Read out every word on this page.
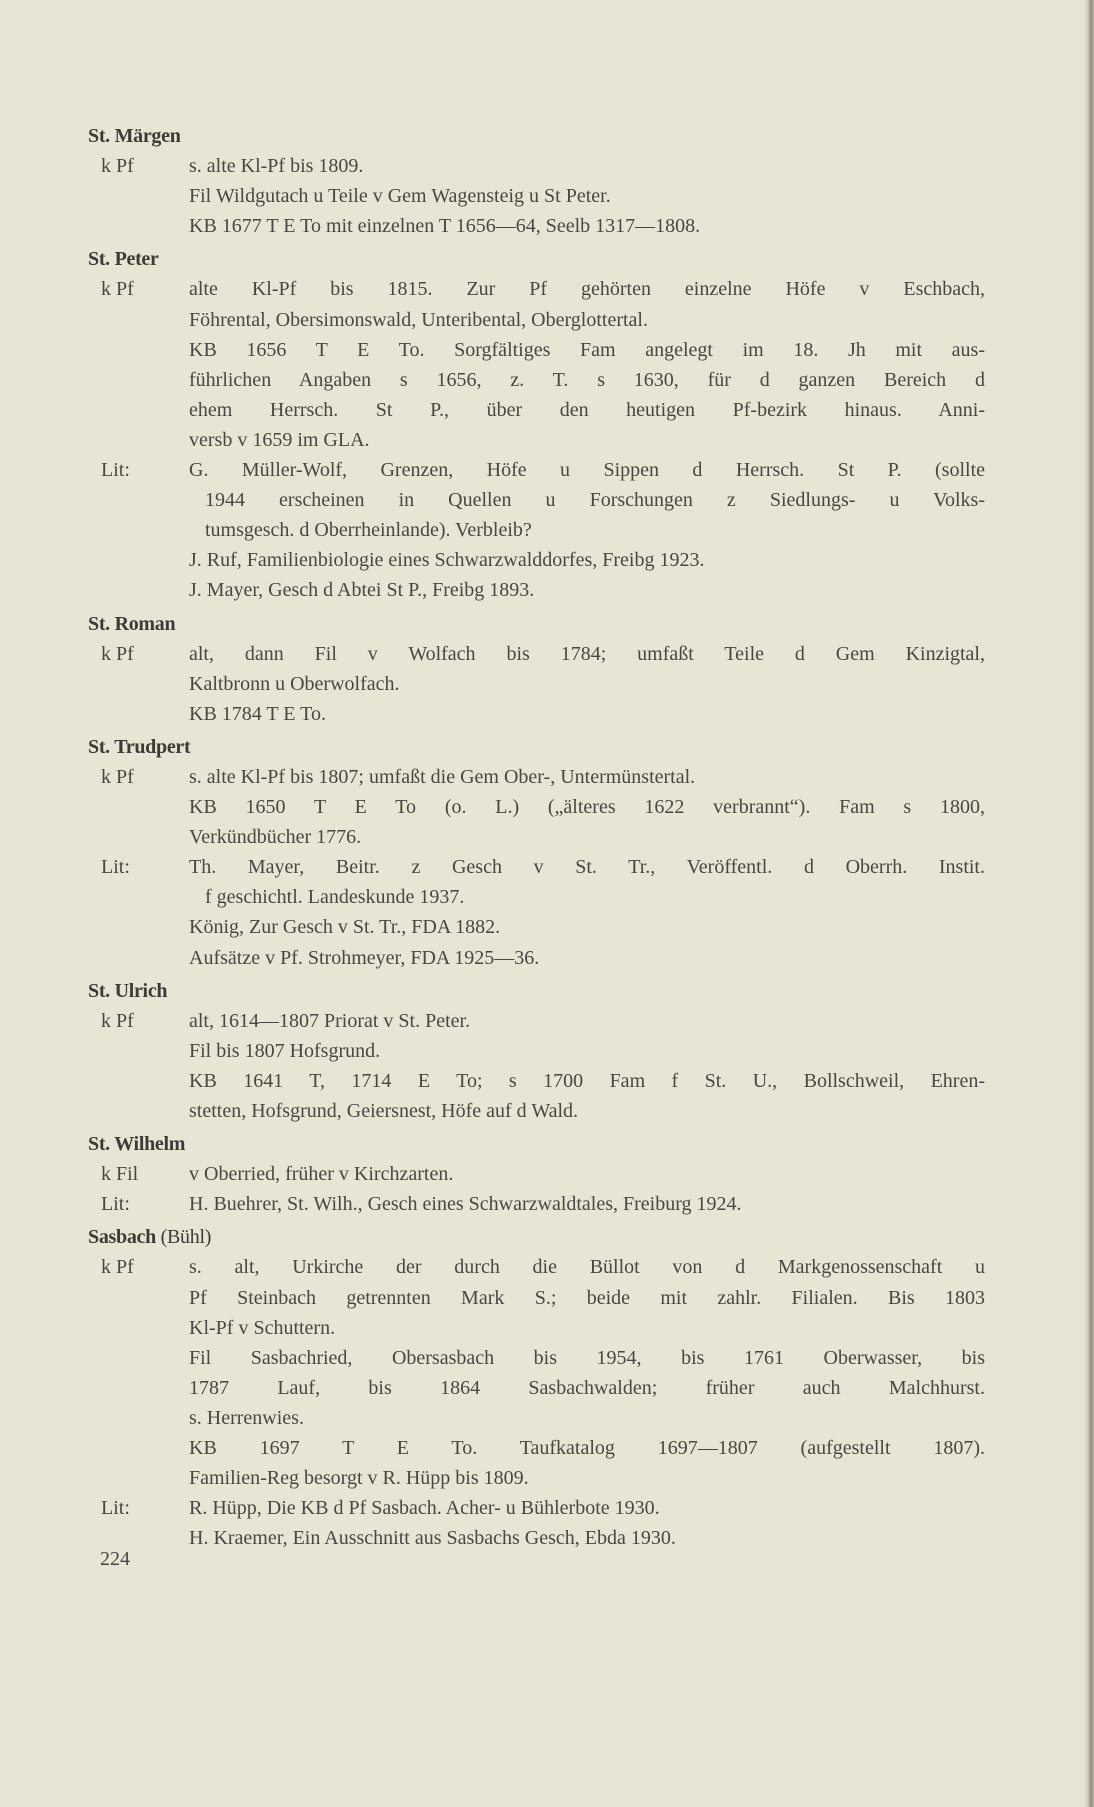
St. Märgen
k Pf	s. alte Kl-Pf bis 1809.
Fil Wildgutach u Teile v Gem Wagensteig u St Peter.
KB 1677 T E To mit einzelnen T 1656—64, Seelb 1317—1808.
St. Peter
k Pf	alte Kl-Pf bis 1815. Zur Pf gehörten einzelne Höfe v Eschbach,
Föhrental, Obersimonswald, Unteribental, Oberglottertal.
KB 1656 T E To. Sorgfältiges Fam angelegt im 18. Jh mit aus-
führlichen Angaben s 1656, z. T. s 1630, für d ganzen Bereich d
ehem Herrsch. St P., über den heutigen Pf-bezirk hinaus. Anni-
versb v 1659 im GLA.
Lit:	G. Müller-Wolf, Grenzen, Höfe u Sippen d Herrsch. St P. (sollte
1944 erscheinen in Quellen u Forschungen z Siedlungs- u Volks-
tumsgesch. d Oberrheinlande). Verbleib?
J. Ruf, Familienbiologie eines Schwarzwalddorfes, Freibg 1923.
J. Mayer, Gesch d Abtei St P., Freibg 1893.
St. Roman
k Pf	alt, dann Fil v Wolfach bis 1784; umfaßt Teile d Gem Kinzigtal,
Kaltbronn u Oberwolfach.
KB 1784 T E To.
St. Trudpert
k Pf	s. alte Kl-Pf bis 1807; umfaßt die Gem Ober-, Untermünstertal.
KB 1650 T E To (o. L.) („älteres 1622 verbrannt“). Fam s 1800,
Verkündbücher 1776.
Lit:	Th. Mayer, Beitr. z Gesch v St. Tr., Veröffentl. d Oberrh. Instit.
f geschichtl. Landeskunde 1937.
König, Zur Gesch v St. Tr., FDA 1882.
Aufsätze v Pf. Strohmeyer, FDA 1925—36.
St. Ulrich
k Pf	alt, 1614—1807 Priorat v St. Peter.
Fil bis 1807 Hofsgrund.
KB 1641 T, 1714 E To; s 1700 Fam f St. U., Bollschweil, Ehren-
stetten, Hofsgrund, Geiersnest, Höfe auf d Wald.
St. Wilhelm
k Fil	v Oberried, früher v Kirchzarten.
Lit:	H. Buehrer, St. Wilh., Gesch eines Schwarzwaldtales, Freiburg 1924.
Sasbach (Bühl)
k Pf	s. alt, Urkirche der durch die Büllot von d Markgenossenschaft u
Pf Steinbach getrennten Mark S.; beide mit zahlr. Filialen. Bis 1803
Kl-Pf v Schuttern.
Fil Sasbachried, Obersasbach bis 1954, bis 1761 Oberwasser, bis
1787 Lauf, bis 1864 Sasbachwalden; früher auch Malchhurst.
s. Herrenwies.
KB 1697 T E To. Taufkatalog 1697—1807 (aufgestellt 1807).
Familien-Reg besorgt v R. Hüpp bis 1809.
Lit:	R. Hüpp, Die KB d Pf Sasbach. Acher- u Bühlerbote 1930.
H. Kraemer, Ein Ausschnitt aus Sasbachs Gesch, Ebda 1930.
224
